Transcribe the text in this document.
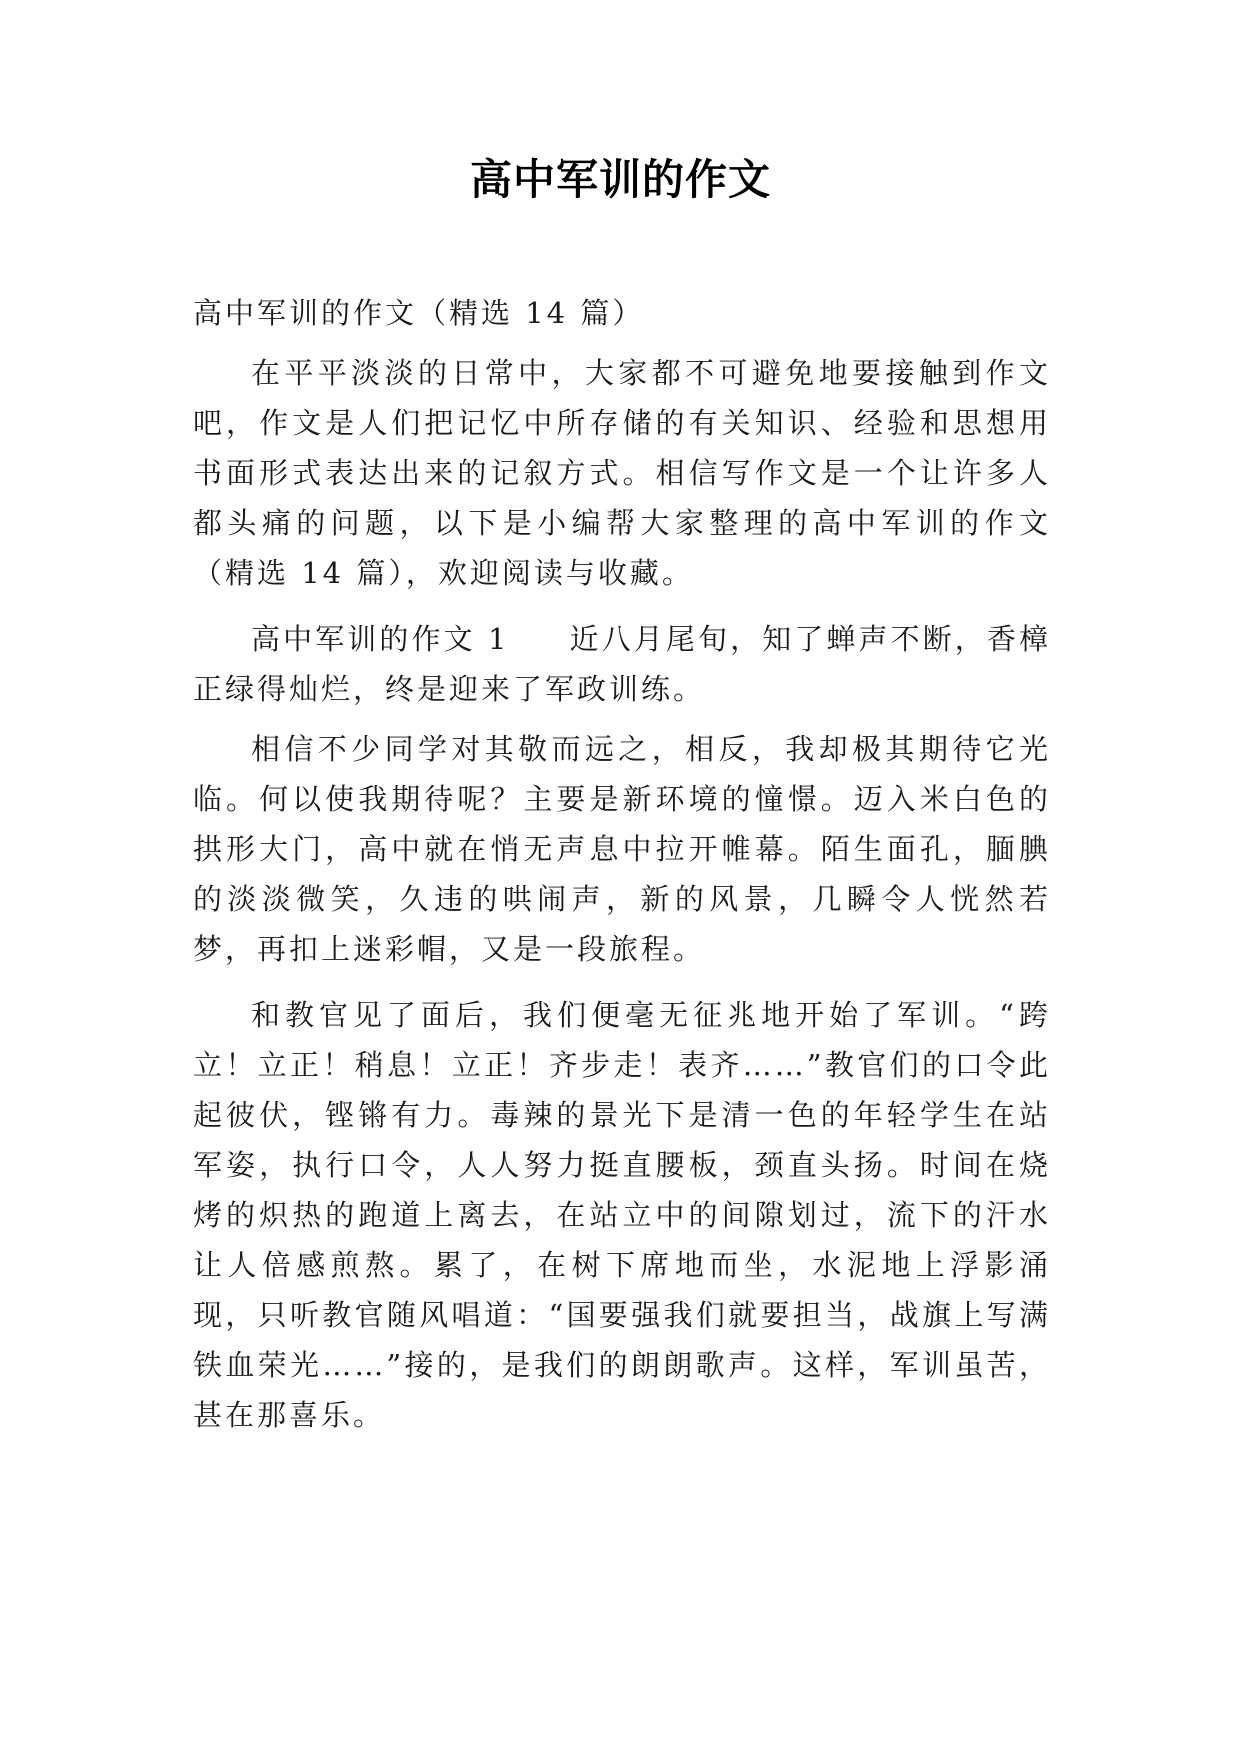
高中军训的作文

高中军训的作文（精选 14 篇）

在平平淡淡的日常中，大家都不可避免地要接触到作文吧，作文是人们把记忆中所存储的有关知识、经验和思想用书面形式表达出来的记叙方式。相信写作文是一个让许多人都头痛的问题，以下是小编帮大家整理的高中军训的作文（精选 14 篇），欢迎阅读与收藏。

高中军训的作文 1 近八月尾旬，知了蝉声不断，香樟正绿得灿烂，终是迎来了军政训练。

相信不少同学对其敬而远之，相反，我却极其期待它光临。何以使我期待呢？主要是新环境的憧憬。迈入米白色的拱形大门，高中就在悄无声息中拉开帷幕。陌生面孔，腼腆的淡淡微笑，久违的哄闹声，新的风景，几瞬令人恍然若梦，再扣上迷彩帽，又是一段旅程。

和教官见了面后，我们便毫无征兆地开始了军训。“跨立！立正！稍息！立正！齐步走！表齐……”教官们的口令此起彼伏，铿锵有力。毒辣的景光下是清一色的年轻学生在站军姿，执行口令，人人努力挺直腰板，颈直头扬。时间在烧烤的炽热的跑道上离去，在站立中的间隙划过，流下的汗水让人倍感煎熬。累了，在树下席地而坐，水泥地上浮影涌现，只听教官随风唱道：“国要强我们就要担当，战旗上写满铁血荣光……”接的，是我们的朗朗歌声。这样，军训虽苦，甚在那喜乐。
